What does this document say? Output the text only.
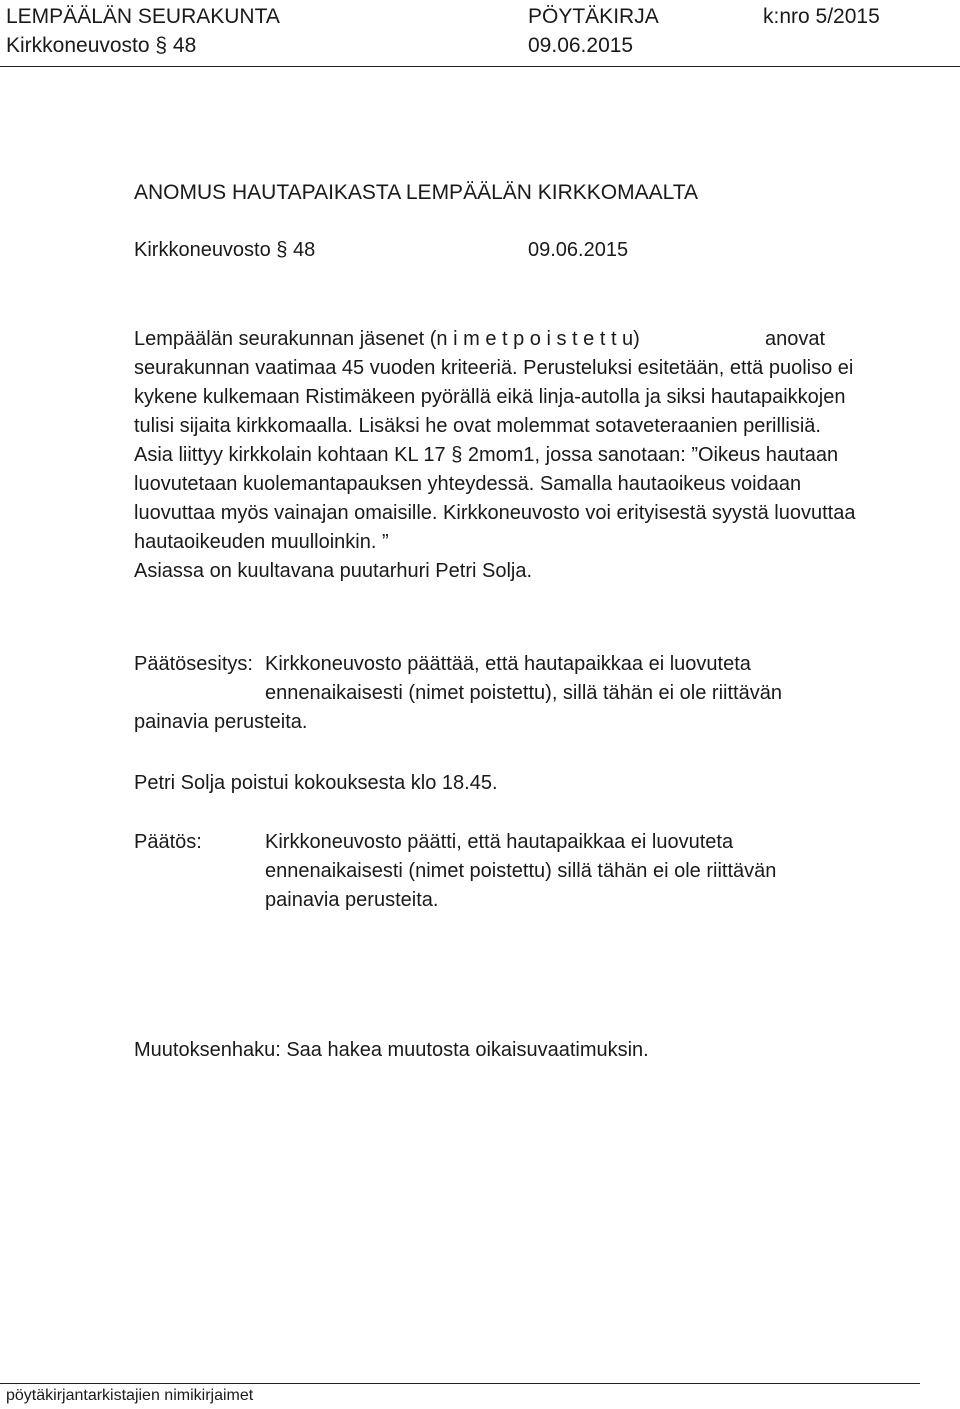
LEMPÄÄLÄN SEURAKUNTA	PÖYTÄKIRJA	k:nro 5/2015
Kirkkoneuvosto § 48	09.06.2015
ANOMUS HAUTAPAIKASTA LEMPÄÄLÄN KIRKKOMAALTA
Kirkkoneuvosto § 48	09.06.2015
Lempäälän seurakunnan jäsenet (n i m e t p o i s t e t t u)	anovat
seurakunnan vaatimaa 45 vuoden kriteeriä. Perusteluksi esitetään, että puoliso ei
kykene kulkemaan Ristimäkeen pyörällä eikä linja-autolla ja siksi hautapaikkojen
tulisi sijaita kirkkomaalla. Lisäksi he ovat molemmat sotaveteraanien perillisiä.
Asia liittyy kirkkolain kohtaan KL 17 § 2mom1, jossa sanotaan: ”Oikeus hautaan
luovutetaan kuolemantapauksen yhteydessä. Samalla hautaoikeus voidaan
luovuttaa myös vainajan omaisille. Kirkkoneuvosto voi erityisestä syystä luovuttaa
hautaoikeuden muulloinkin. ”
Asiassa on kuultavana puutarhuri Petri Solja.
Päätösesitys: Kirkkoneuvosto päättää, että hautapaikkaa ei luovuteta
ennenaikaisesti (nimet poistettu), sillä tähän ei ole riittävän
painavia perusteita.
Petri Solja poistui kokouksesta klo 18.45.
Päätös:	Kirkkoneuvosto päätti, että hautapaikkaa ei luovuteta
ennenaikaisesti (nimet poistettu) sillä tähän ei ole riittävän
painavia perusteita.
Muutoksenhaku: Saa hakea muutosta oikaisuvaatimuksin.
pöytäkirjantarkistajien nimikirjaimet
